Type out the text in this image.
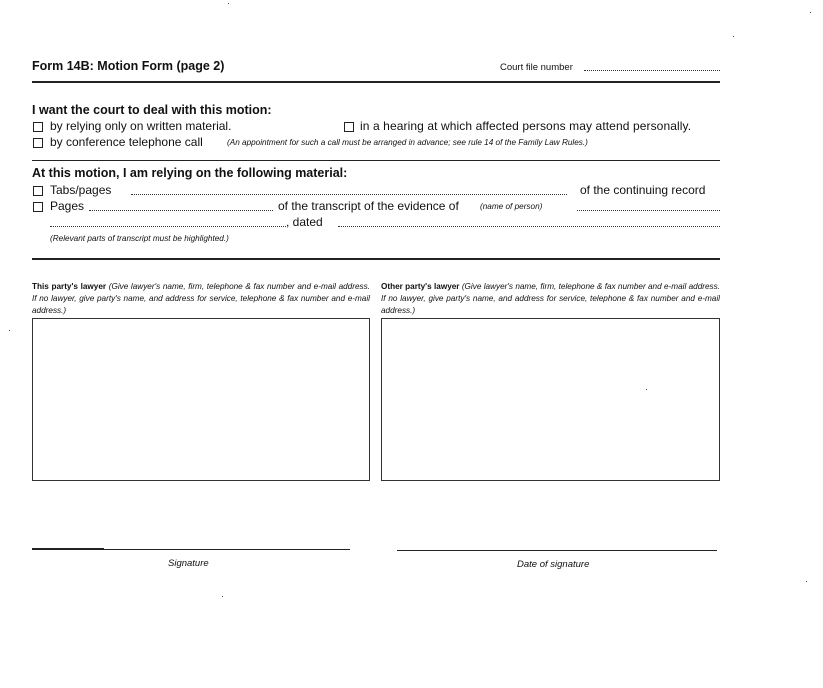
Form 14B: Motion Form (page 2)	Court file number
I want the court to deal with this motion:
by relying only on written material.	in a hearing at which affected persons may attend personally.
by conference telephone call	(An appointment for such a call must be arranged in advance; see rule 14 of the Family Law Rules.)
At this motion, I am relying on the following material:
Tabs/pages	of the continuing record
Pages	of the transcript of the evidence of	(name of person)
, dated
(Relevant parts of transcript must be highlighted.)
This party's lawyer (Give lawyer's name, firm, telephone & fax number and e-mail address. If no lawyer, give party's name, and address for service, telephone & fax number and e-mail address.)
Other party's lawyer (Give lawyer's name, firm, telephone & fax number and e-mail address. If no lawyer, give party's name, and address for service, telephone & fax number and e-mail address.)
Signature	Date of signature
